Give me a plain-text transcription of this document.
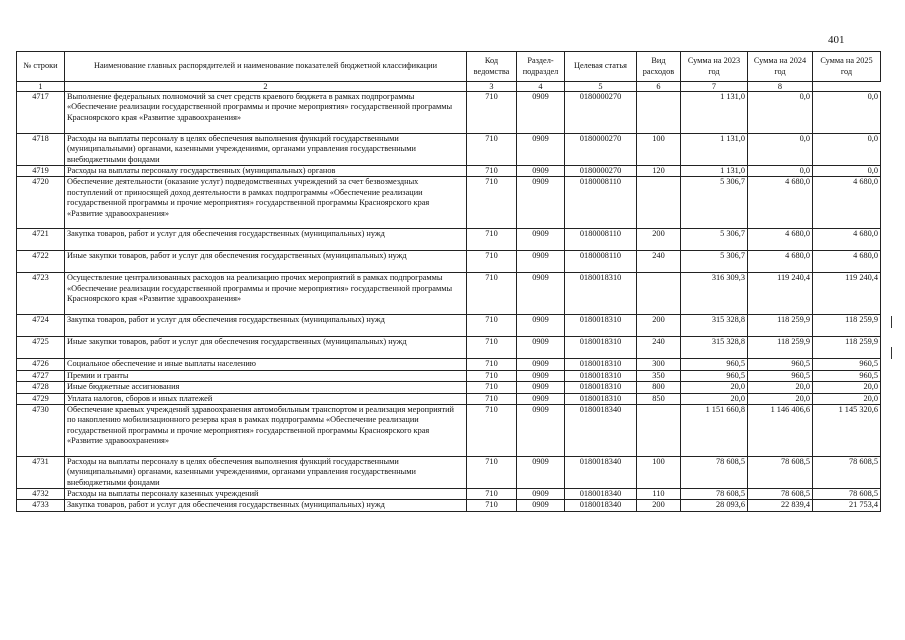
401
№ строки	Наименование главных распорядителей и наименование показателей бюджетной классификации	Код ведомства	Раздел-подраздел	Целевая статья	Вид расходов	Сумма на 2023 год	Сумма на 2024 год	Сумма на 2025 год
1	2	3	4	5	6	7	8	
4717	Выполнение федеральных полномочий за счет средств краевого бюджета в рамках подпрограммы «Обеспечение реализации государственной программы и прочие мероприятия» государственной программы Красноярского края «Развитие здравоохранения»	710	0909	0180000270		1 131,0	0,0	0,0
4718	Расходы на выплаты персоналу в целях обеспечения выполнения функций государственными (муниципальными) органами, казенными учреждениями, органами управления государственными внебюджетными фондами	710	0909	0180000270	100	1 131,0	0,0	0,0
4719	Расходы на выплаты персоналу государственных (муниципальных) органов	710	0909	0180000270	120	1 131,0	0,0	0,0
4720	Обеспечение деятельности (оказание услуг) подведомственных учреждений за счет безвозмездных поступлений от приносящей доход деятельности в рамках подпрограммы «Обеспечение реализации государственной программы и прочие мероприятия» государственной программы Красноярского края «Развитие здравоохранения»	710	0909	0180008110		5 306,7	4 680,0	4 680,0
4721	Закупка товаров, работ и услуг для обеспечения государственных (муниципальных) нужд	710	0909	0180008110	200	5 306,7	4 680,0	4 680,0
4722	Иные закупки товаров, работ и услуг для обеспечения государственных (муниципальных) нужд	710	0909	0180008110	240	5 306,7	4 680,0	4 680,0
4723	Осуществление централизованных расходов на реализацию прочих мероприятий в рамках подпрограммы «Обеспечение реализации государственной программы и прочие мероприятия» государственной программы Красноярского края «Развитие здравоохранения»	710	0909	0180018310		316 309,3	119 240,4	119 240,4
4724	Закупка товаров, работ и услуг для обеспечения государственных (муниципальных) нужд	710	0909	0180018310	200	315 328,8	118 259,9	118 259,9
4725	Иные закупки товаров, работ и услуг для обеспечения государственных (муниципальных) нужд	710	0909	0180018310	240	315 328,8	118 259,9	118 259,9
4726	Социальное обеспечение и иные выплаты населению	710	0909	0180018310	300	960,5	960,5	960,5
4727	Премии и гранты	710	0909	0180018310	350	960,5	960,5	960,5
4728	Иные бюджетные ассигнования	710	0909	0180018310	800	20,0	20,0	20,0
4729	Уплата налогов, сборов и иных платежей	710	0909	0180018310	850	20,0	20,0	20,0
4730	Обеспечение краевых учреждений здравоохранения автомобильным транспортом и реализация мероприятий по накоплению мобилизационного резерва края в рамках подпрограммы «Обеспечение реализации государственной программы и прочие мероприятия» государственной программы Красноярского края «Развитие здравоохранения»	710	0909	0180018340		1 151 660,8	1 146 406,6	1 145 320,6
4731	Расходы на выплаты персоналу в целях обеспечения выполнения функций государственными (муниципальными) органами, казенными учреждениями, органами управления государственными внебюджетными фондами	710	0909	0180018340	100	78 608,5	78 608,5	78 608,5
4732	Расходы на выплаты персоналу казенных учреждений	710	0909	0180018340	110	78 608,5	78 608,5	78 608,5
4733	Закупка товаров, работ и услуг для обеспечения государственных (муниципальных) нужд	710	0909	0180018340	200	28 093,6	22 839,4	21 753,4
